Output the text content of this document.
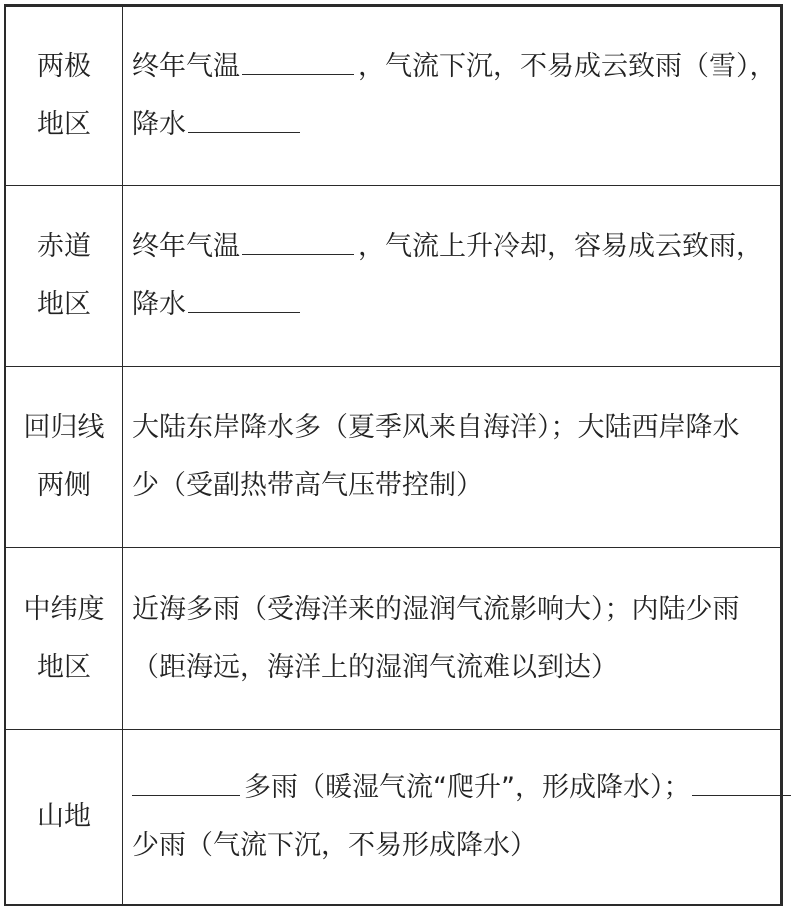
两极
地区
终年气温	，气流下沉，不易成云致雨（雪），
降水
赤道
地区
终年气温	，气流上升冷却，容易成云致雨，
降水
回归线
两侧
大陆东岸降水多（夏季风来自海洋）；大陆西岸降水
少（受副热带高气压带控制）
中纬度
地区
近海多雨（受海洋来的湿润气流影响大）；内陆少雨
（距海远，海洋上的湿润气流难以到达）
山地
多雨（暖湿气流“爬升”，形成降水）；
少雨（气流下沉，不易形成降水）
